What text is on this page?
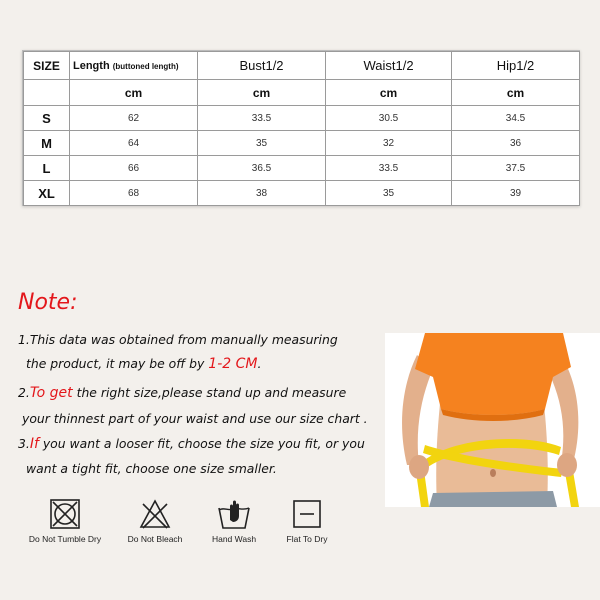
SIZE	Length (buttoned length)	Bust1/2	Waist1/2	Hip1/2
	cm	cm	cm	cm
S	62	33.5	30.5	34.5
M	64	35	32	36
L	66	36.5	33.5	37.5
XL	68	38	35	39
Note:
1.This data was obtained from manually measuring
the product, it may be off by 1-2 CM.
2.To get the right size,please stand up and measure
your thinnest part of your waist and use our size chart .
3.If you want a looser fit, choose the size you fit, or you
want a tight fit, choose one size smaller.
Do Not Tumble Dry	Do Not Bleach	Hand Wash	Flat To Dry
